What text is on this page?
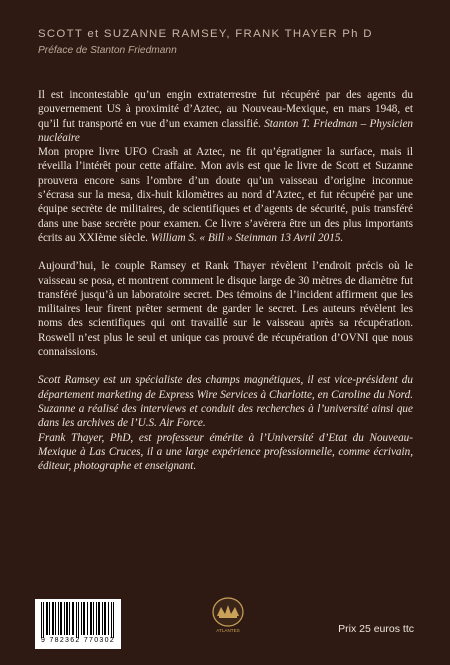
SCOTT et SUZANNE RAMSEY, FRANK THAYER Ph D
Préface de Stanton Friedmann

Il est incontestable qu’un engin extraterrestre fut récupéré par des agents du gouvernement US à proximité d’Aztec, au Nouveau-Mexique, en mars 1948, et qu’il fut transporté en vue d’un examen classifié. Stanton T. Friedman – Physicien nucléaire

Mon propre livre UFO Crash at Aztec, ne fit qu’égratigner la surface, mais il réveilla l’intérêt pour cette affaire. Mon avis est que le livre de Scott et Suzanne prouvera encore sans l’ombre d’un doute qu’un vaisseau d’origine inconnue s’écrasa sur la mesa, dix-huit kilomètres au nord d’Aztec, et fut récupéré par une équipe secrète de militaires, de scientifiques et d’agents de sécurité, puis transféré dans une base secrète pour examen. Ce livre s’avèrera être un des plus importants écrits au XXIème siècle. William S. « Bill » Steinman 13 Avril 2015.

Aujourd’hui, le couple Ramsey et Rank Thayer révèlent l’endroit précis où le vaisseau se posa, et montrent comment le disque large de 30 mètres de diamètre fut transféré jusqu’à un laboratoire secret. Des témoins de l’incident affirment que les militaires leur firent prêter serment de garder le secret. Les auteurs révèlent les noms des scientifiques qui ont travaillé sur le vaisseau après sa récupération. Roswell n’est plus le seul et unique cas prouvé de récupération d’OVNI que nous connaissions.

Scott Ramsey est un spécialiste des champs magnétiques, il est vice-président du département marketing de Express Wire Services à Charlotte, en Caroline du Nord. Suzanne a réalisé des interviews et conduit des recherches à l’université ainsi que dans les archives de l’U.S. Air Force.
Frank Thayer, PhD, est professeur émérite à l’Université d’Etat du Nouveau-Mexique à Las Cruces, il a une large expérience professionnelle, comme écrivain, éditeur, photographe et enseignant.

9 782362 770302
ATLANTES	Prix 25 euros ttc
